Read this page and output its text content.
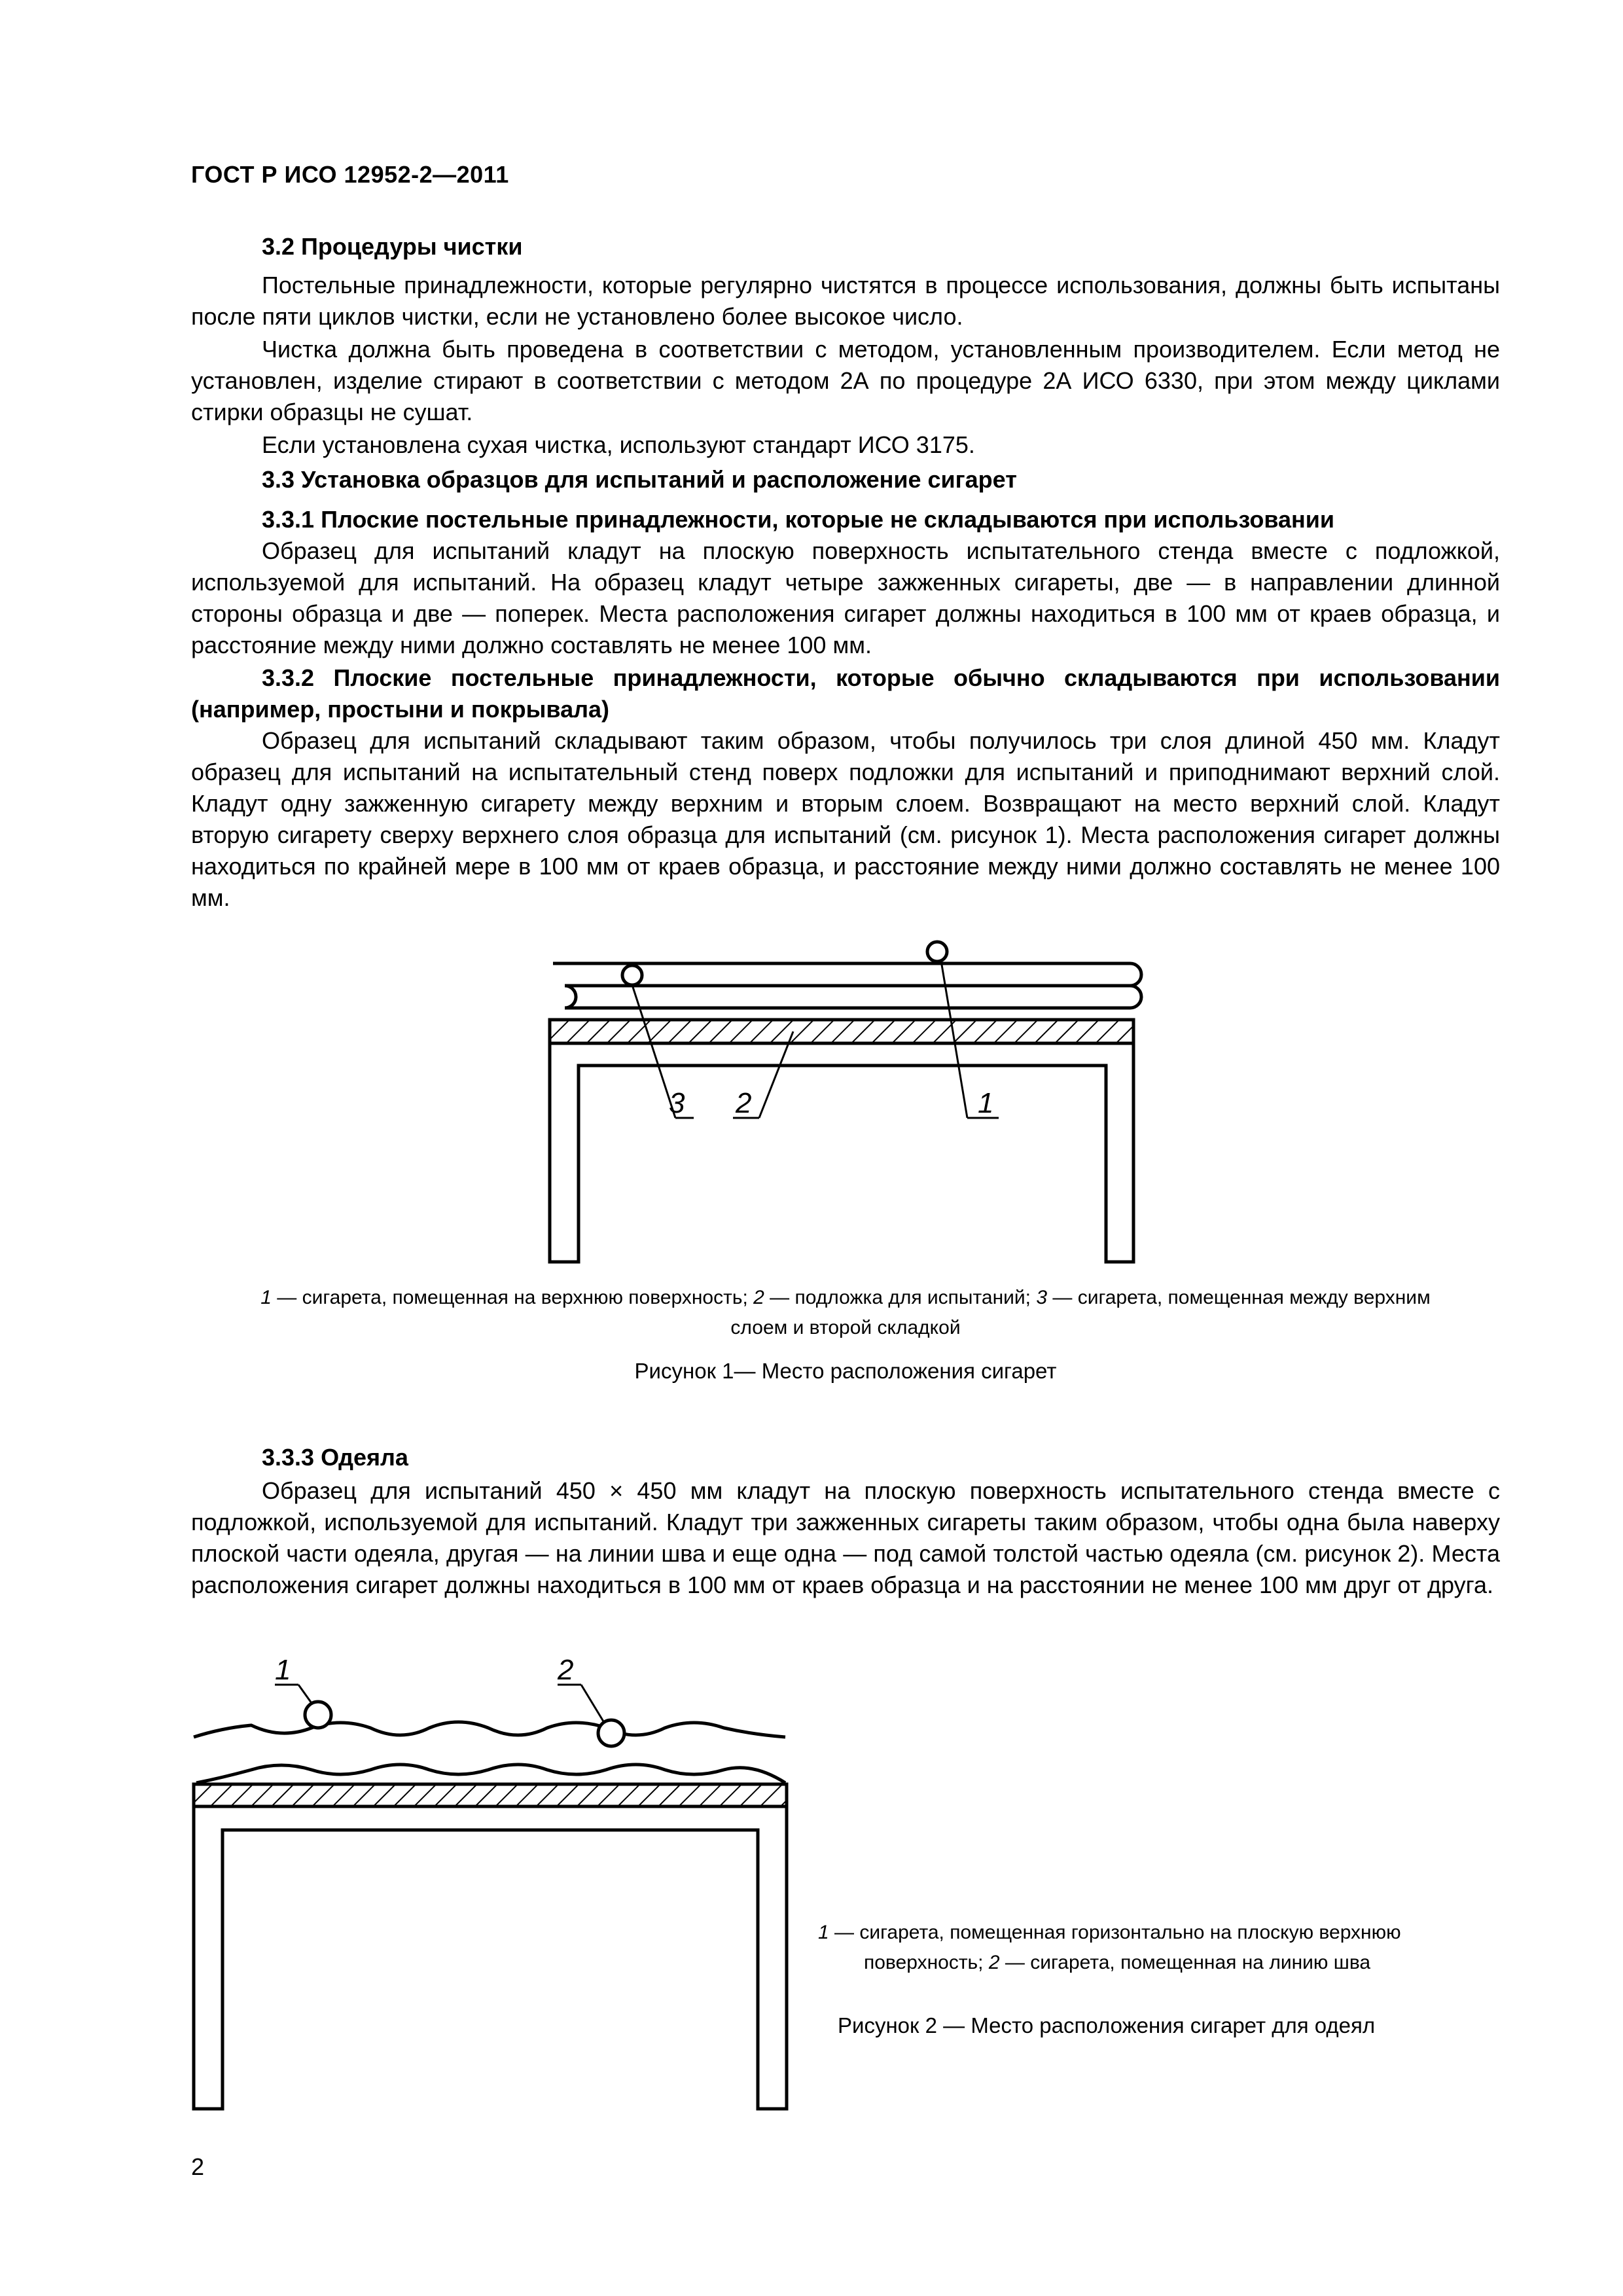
ГОСТ Р ИСО 12952-2—2011
3.2 Процедуры чистки
Постельные принадлежности, которые регулярно чистятся в процессе использования, должны быть испытаны после пяти циклов чистки, если не установлено более высокое число.
Чистка должна быть проведена в соответствии с методом, установленным производителем. Если метод не установлен, изделие стирают в соответствии с методом 2А по процедуре 2А ИСО 6330, при этом между циклами стирки образцы не сушат.
Если установлена сухая чистка, используют стандарт ИСО 3175.
3.3 Установка образцов для испытаний и расположение сигарет
3.3.1 Плоские постельные принадлежности, которые не складываются при использовании
Образец для испытаний кладут на плоскую поверхность испытательного стенда вместе с подложкой, используемой для испытаний. На образец кладут четыре зажженных сигареты, две — в направлении длинной стороны образца и две — поперек. Места расположения сигарет должны находиться в 100 мм от краев образца, и расстояние между ними должно составлять не менее 100 мм.
3.3.2 Плоские постельные принадлежности, которые обычно складываются при использовании (например, простыни и покрывала)
Образец для испытаний складывают таким образом, чтобы получилось три слоя длиной 450 мм. Кладут образец для испытаний на испытательный стенд поверх подложки для испытаний и приподнимают верхний слой. Кладут одну зажженную сигарету между верхним и вторым слоем. Возвращают на место верхний слой. Кладут вторую сигарету сверху верхнего слоя образца для испытаний (см. рисунок 1). Места расположения сигарет должны находиться по крайней мере в 100 мм от краев образца, и расстояние между ними должно составлять не менее 100 мм.
3 2	1
1 — сигарета, помещенная на верхнюю поверхность; 2 — подложка для испытаний; 3 — сигарета, помещенная между верхним
слоем и второй складкой
Рисунок 1— Место расположения сигарет
3.3.3 Одеяла
Образец для испытаний 450 × 450 мм кладут на плоскую поверхность испытательного стенда вместе с подложкой, используемой для испытаний. Кладут три зажженных сигареты таким образом, чтобы одна была наверху плоской части одеяла, другая — на линии шва и еще одна — под самой толстой частью одеяла (см. рисунок 2). Места расположения сигарет должны находиться в 100 мм от краев образца и на расстоянии не менее 100 мм друг от друга.
1	2
1 — сигарета, помещенная горизонтально на плоскую верхнюю
поверхность; 2 — сигарета, помещенная на линию шва
Рисунок 2 — Место расположения сигарет для одеял
2
